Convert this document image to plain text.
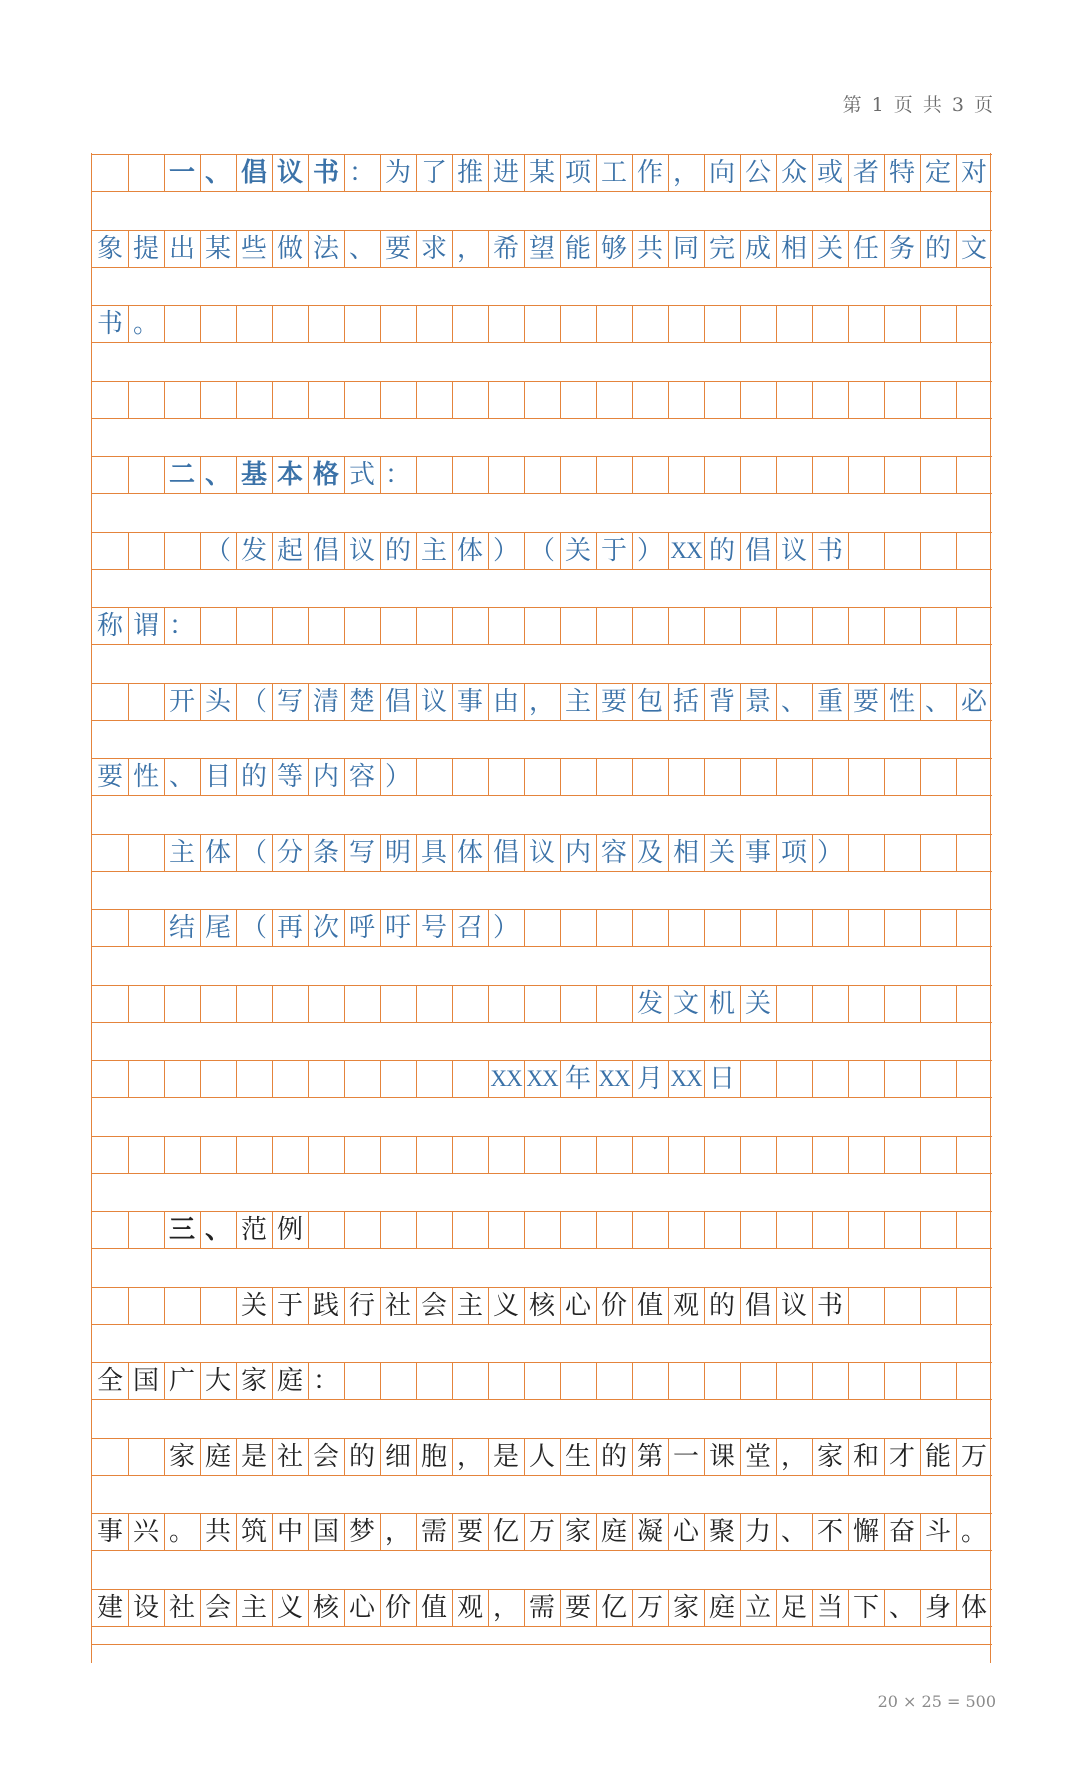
第 1 页 共 3 页
一 、 倡 议 书 ： 为 了 推 进 某 项 工 作 ， 向 公 众 或 者 特 定 对
象 提 出 某 些 做 法 、 要 求 ， 希 望 能 够 共 同 完 成 相 关 任 务 的 文
书 。
二 、 基 本 格 式 ：
（ 发 起 倡 议 的 主 体 ） （ 关 于 ） XX 的 倡 议 书
称 谓 ：
开 头 （ 写 清 楚 倡 议 事 由 ， 主 要 包 括 背 景 、 重 要 性 、 必
要 性 、 目 的 等 内 容 ）
主 体 （ 分 条 写 明 具 体 倡 议 内 容 及 相 关 事 项 ）
结 尾 （ 再 次 呼 吁 号 召 ）
发 文 机 关
XX XX 年 XX 月 XX 日
三 、 范 例
关 于 践 行 社 会 主 义 核 心 价 值 观 的 倡 议 书
全 国 广 大 家 庭 ：
家 庭 是 社 会 的 细 胞 ， 是 人 生 的 第 一 课 堂 ， 家 和 才 能 万
事 兴 。 共 筑 中 国 梦 ， 需 要 亿 万 家 庭 凝 心 聚 力 、 不 懈 奋 斗 。
建 设 社 会 主 义 核 心 价 值 观 ， 需 要 亿 万 家 庭 立 足 当 下 、 身 体
20 × 25 = 500
